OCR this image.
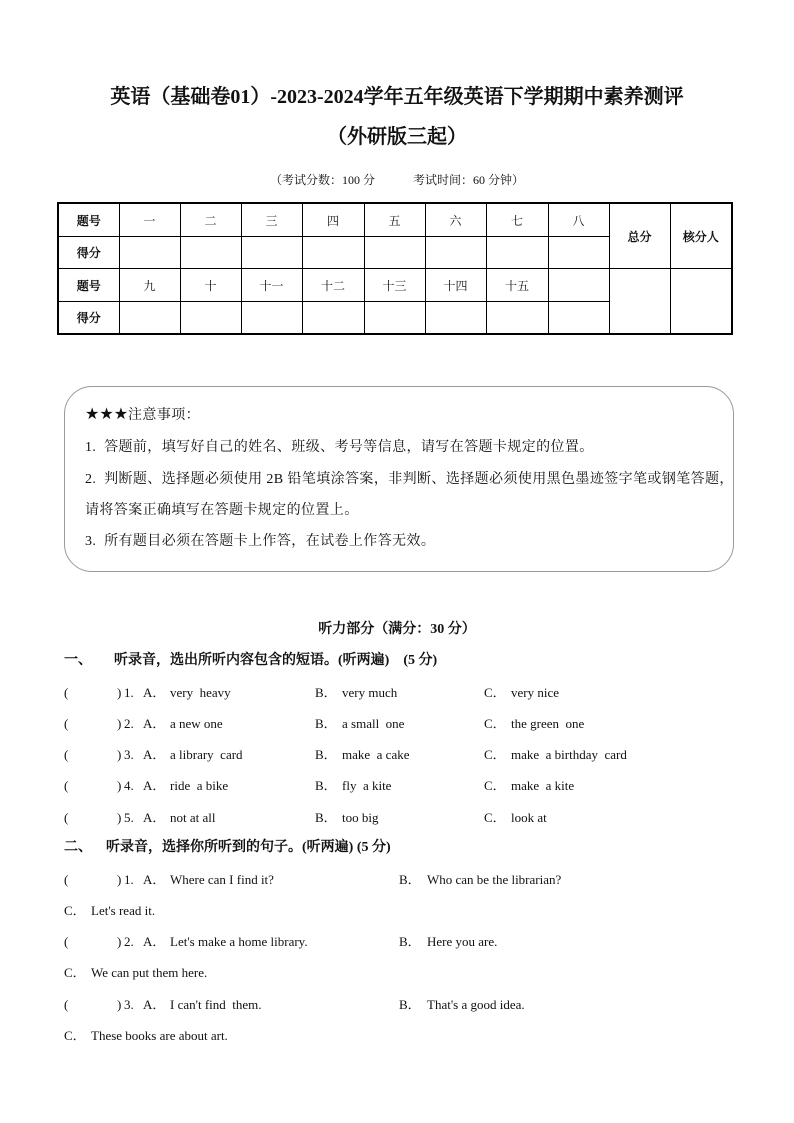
英语（基础卷01）-2023-2024学年五年级英语下学期期中素养测评
（外研版三起）
（考试分数：100 分	考试时间：60 分钟）
题号	一	二	三	四	五	六	七	八	总分	核分人
得分										
题号	九	十	十一	十二	十三	十四	十五			
得分										
★★★注意事项：
1.  答题前，填写好自己的姓名、班级、考号等信息，请写在答题卡规定的位置。
2.  判断题、选择题必须使用 2B 铅笔填涂答案，非判断、选择题必须使用黑色墨迹签字笔或钢笔答题，
请将答案正确填写在答题卡规定的位置上。
3.  所有题目必须在答题卡上作答，在试卷上作答无效。
听力部分（满分：30 分）
一、 听录音，选出所听内容包含的短语。(听两遍)　(5 分)
(	) 1. A． very  heavy	B． very much	C． very nice
(	) 2. A． a new one	B． a small  one	C． the green  one
(	) 3. A． a library  card	B． make  a cake	C． make  a birthday  card
(	) 4. A． ride  a bike	B． fly  a kite	C． make  a kite
(	) 5. A． not at all	B． too big	C． look at
二、 听录音，选择你所听到的句子。(听两遍) (5 分)
(	) 1. A． Where can I find it?	B． Who can be the librarian?
C． Let's read it.
(	) 2. A． Let's make a home library.	B． Here you are.
C． We can put them here.
(	) 3. A． I can't find  them.	B． That's a good idea.
C． These books are about art.
